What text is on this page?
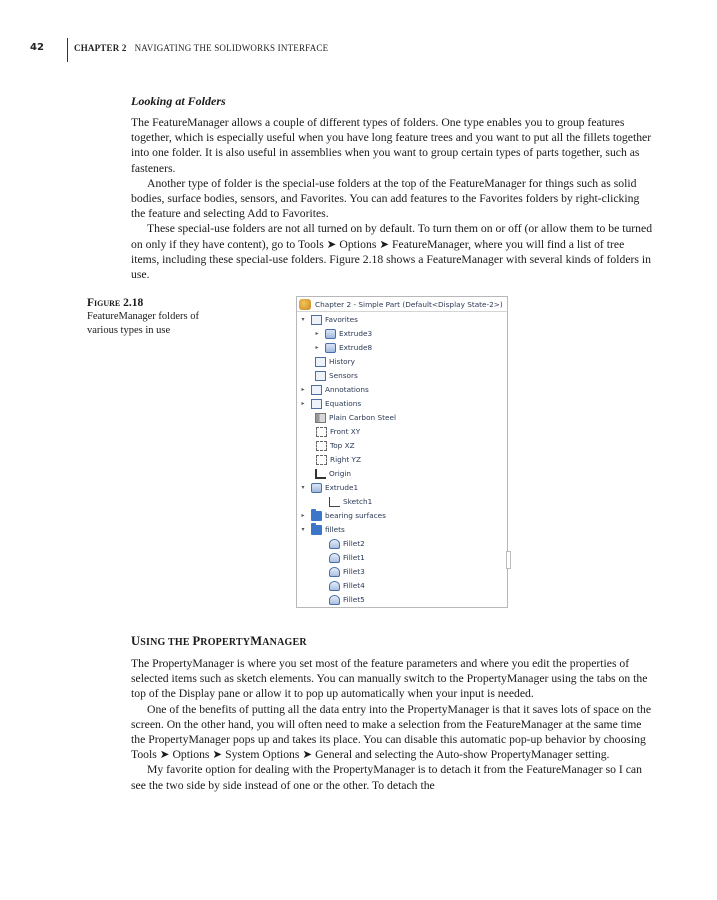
42	CHAPTER 2 NAVIGATING THE SOLIDWORKS INTERFACE
Looking at Folders

The FeatureManager allows a couple of different types of folders. One type enables you to group features together, which is especially useful when you have long feature trees and you want to put all the fillets together into one folder. It is also useful in assemblies when you want to group certain types of parts together, such as fasteners.

Another type of folder is the special-use folders at the top of the FeatureManager for things such as solid bodies, surface bodies, sensors, and Favorites. You can add features to the Favorites folders by right-clicking the feature and selecting Add to Favorites.

These special-use folders are not all turned on by default. To turn them on or off (or allow them to be turned on only if they have content), go to Tools ➤ Options ➤ FeatureManager, where you will find a list of tree items, including these special-use folders. Figure 2.18 shows a FeatureManager with several kinds of folders in use.

Figure 2.18
FeatureManager folders of various types in use
Chapter 2 - Simple Part (Default<Display State-2>)
▾	Favorites
▸	Extrude3
▸	Extrude8
History
Sensors
▸	Annotations
▸	Equations
Plain Carbon Steel
Front XY
Top XZ
Right YZ
Origin
▾	Extrude1
Sketch1
▸	bearing surfaces
▾	fillets
Fillet2
Fillet1
Fillet3
Fillet4
Fillet5
USING THE PROPERTYMANAGER

The PropertyManager is where you set most of the feature parameters and where you edit the properties of selected items such as sketch elements. You can manually switch to the PropertyManager using the tabs on the top of the Display pane or allow it to pop up automatically when your input is needed.

One of the benefits of putting all the data entry into the PropertyManager is that it saves lots of space on the screen. On the other hand, you will often need to make a selection from the FeatureManager at the same time the PropertyManager pops up and takes its place. You can disable this automatic pop-up behavior by choosing Tools ➤ Options ➤ System Options ➤ General and selecting the Auto-show PropertyManager setting.

My favorite option for dealing with the PropertyManager is to detach it from the FeatureManager so I can see the two side by side instead of one or the other. To detach the
